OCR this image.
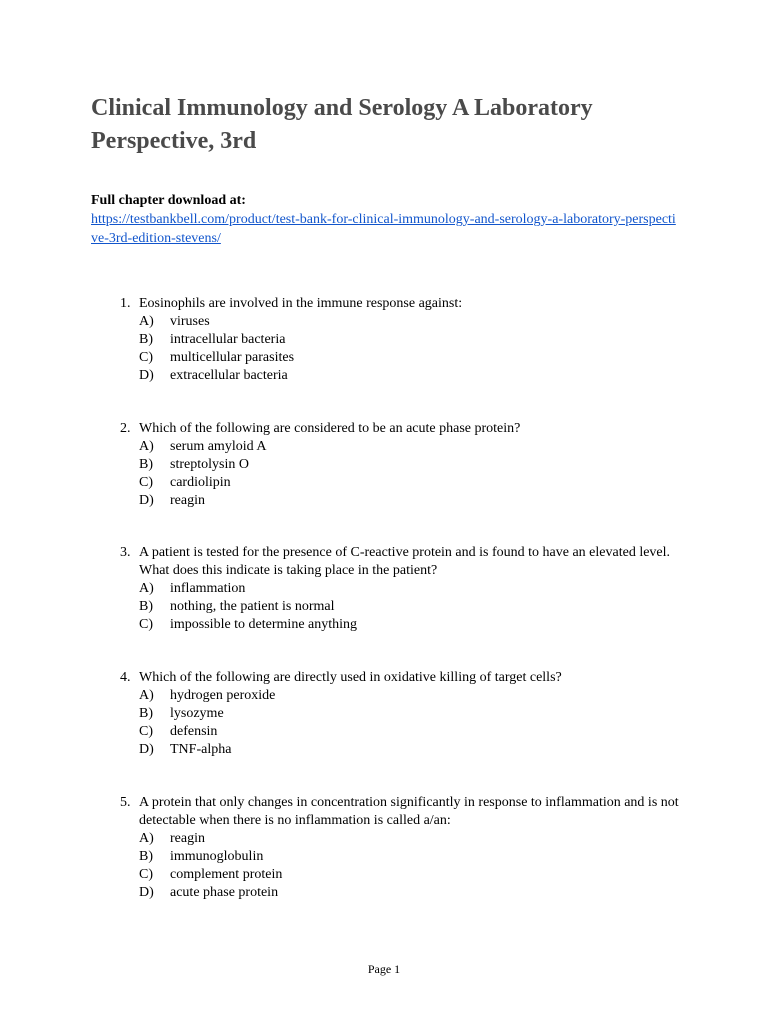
Clinical Immunology and Serology A Laboratory Perspective, 3rd
Full chapter download at:
https://testbankbell.com/product/test-bank-for-clinical-immunology-and-serology-a-laboratory-perspective-3rd-edition-stevens/
1. Eosinophils are involved in the immune response against:
A)	viruses
B)	intracellular bacteria
C)	multicellular parasites
D)	extracellular bacteria
2. Which of the following are considered to be an acute phase protein?
A)	serum amyloid A
B)	streptolysin O
C)	cardiolipin
D)	reagin
3. A patient is tested for the presence of C-reactive protein and is found to have an elevated level. What does this indicate is taking place in the patient?
A)	inflammation
B)	nothing, the patient is normal
C)	impossible to determine anything
4. Which of the following are directly used in oxidative killing of target cells?
A)	hydrogen peroxide
B)	lysozyme
C)	defensin
D)	TNF-alpha
5. A protein that only changes in concentration significantly in response to inflammation and is not detectable when there is no inflammation is called a/an:
A)	reagin
B)	immunoglobulin
C)	complement protein
D)	acute phase protein
Page 1
